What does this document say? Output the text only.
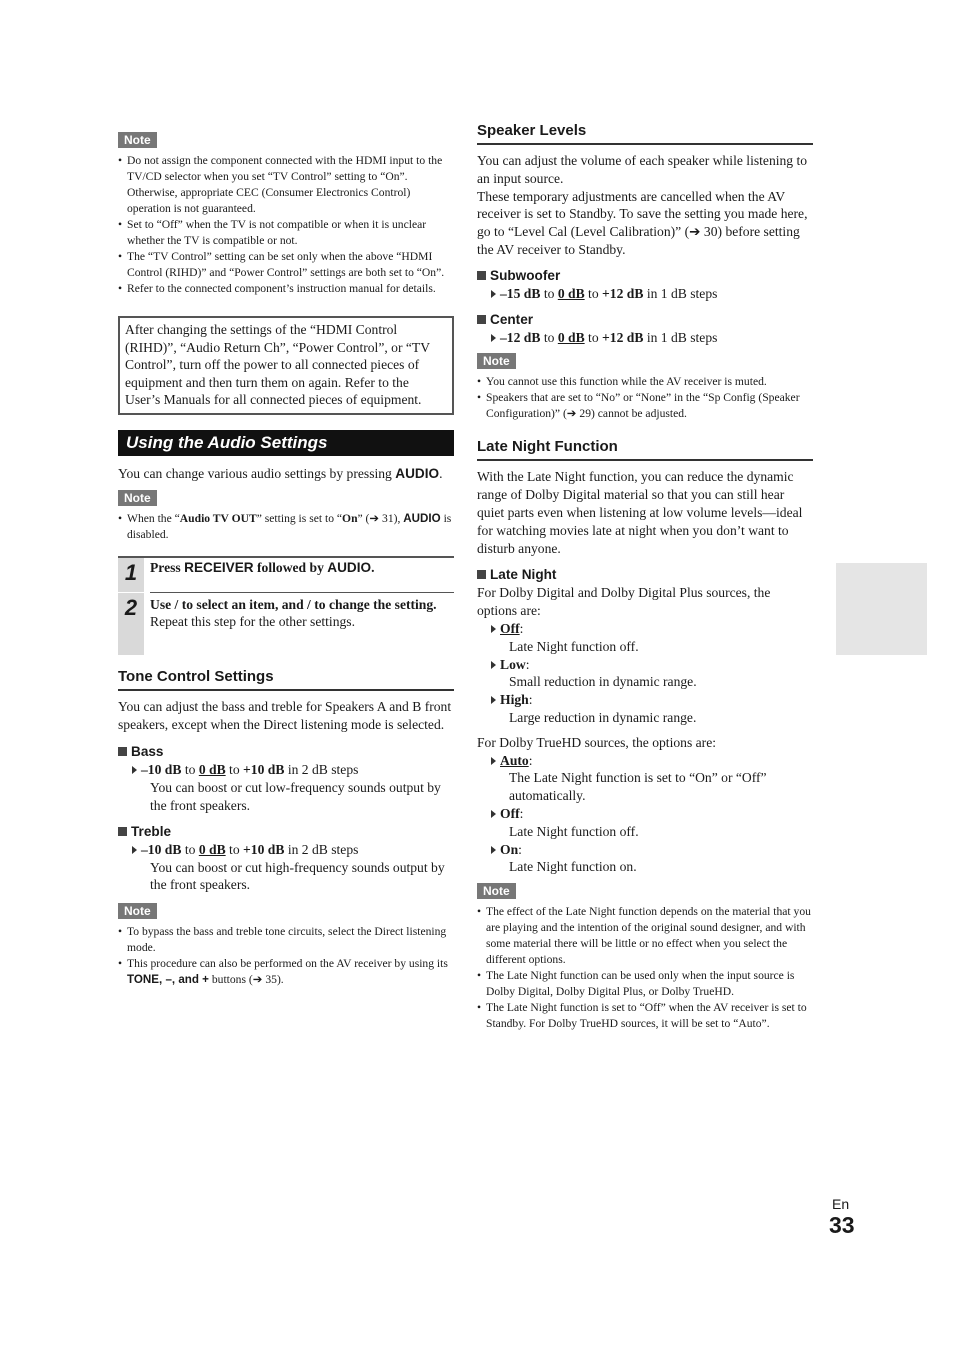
Note
• Do not assign the component connected with the HDMI input to the TV/CD selector when you set “TV Control” setting to “On”. Otherwise, appropriate CEC (Consumer Electronics Control) operation is not guaranteed.
• Set to “Off” when the TV is not compatible or when it is unclear whether the TV is compatible or not.
• The “TV Control” setting can be set only when the above “HDMI Control (RIHD)” and “Power Control” settings are both set to “On”.
• Refer to the connected component’s instruction manual for details.
After changing the settings of the “HDMI Control (RIHD)”, “Audio Return Ch”, “Power Control”, or “TV Control”, turn off the power to all connected pieces of equipment and then turn them on again. Refer to the User’s Manuals for all connected pieces of equipment.
Using the Audio Settings

You can change various audio settings by pressing AUDIO.

Note
• When the “Audio TV OUT” setting is set to “On” (➔ 31), AUDIO is disabled.
1 Press RECEIVER followed by AUDIO.
2 Use / to select an item, and / to change the setting.
Repeat this step for the other settings.
Tone Control Settings

You can adjust the bass and treble for Speakers A and B front speakers, except when the Direct listening mode is selected.

Bass
–10 dB to 0 dB to +10 dB in 2 dB steps

You can boost or cut low-frequency sounds output by the front speakers.

Treble
–10 dB to 0 dB to +10 dB in 2 dB steps

You can boost or cut high-frequency sounds output by the front speakers.

Note
• To bypass the bass and treble tone circuits, select the Direct listening mode.
• This procedure can also be performed on the AV receiver by using its TONE, –, and + buttons (➔ 35).
Speaker Levels

You can adjust the volume of each speaker while listening to an input source.

These temporary adjustments are cancelled when the AV receiver is set to Standby. To save the setting you made here, go to “Level Cal (Level Calibration)” (➔ 30) before setting the AV receiver to Standby.

Subwoofer
–15 dB to 0 dB to +12 dB in 1 dB steps
Center
–12 dB to 0 dB to +12 dB in 1 dB steps
Note
• You cannot use this function while the AV receiver is muted.
• Speakers that are set to “No” or “None” in the “Sp Config (Speaker Configuration)” (➔ 29) cannot be adjusted.
Late Night Function

With the Late Night function, you can reduce the dynamic range of Dolby Digital material so that you can still hear quiet parts even when listening at low volume levels—ideal for watching movies late at night when you don’t want to disturb anyone.

Late Night

For Dolby Digital and Dolby Digital Plus sources, the options are:

Off:
Late Night function off.
Low:
Small reduction in dynamic range.
High:
Large reduction in dynamic range.

For Dolby TrueHD sources, the options are:

Auto:
The Late Night function is set to “On” or “Off” automatically.
Off:
Late Night function off.
On:
Late Night function on.
Note
• The effect of the Late Night function depends on the material that you are playing and the intention of the original sound designer, and with some material there will be little or no effect when you select the different options.
• The Late Night function can be used only when the input source is Dolby Digital, Dolby Digital Plus, or Dolby TrueHD.
• The Late Night function is set to “Off” when the AV receiver is set to Standby. For Dolby TrueHD sources, it will be set to “Auto”.
En
33
